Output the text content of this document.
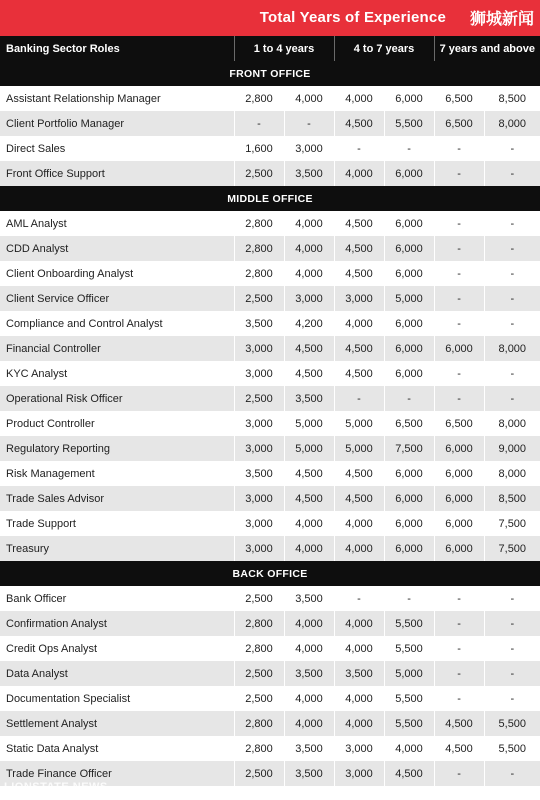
Total Years of Experience 狮城新闻
Banking Sector Roles	1 to 4 years		4 to 7 years		7 years and above	
FRONT OFFICE						
Assistant Relationship Manager	2,800	4,000	4,000	6,000	6,500	8,500
Client Portfolio Manager	-	-	4,500	5,500	6,500	8,000
Direct Sales	1,600	3,000	-	-	-	-
Front Office Support	2,500	3,500	4,000	6,000	-	-
MIDDLE OFFICE						
AML Analyst	2,800	4,000	4,500	6,000	-	-
CDD Analyst	2,800	4,000	4,500	6,000	-	-
Client Onboarding Analyst	2,800	4,000	4,500	6,000	-	-
Client Service Officer	2,500	3,000	3,000	5,000	-	-
Compliance and Control Analyst	3,500	4,200	4,000	6,000	-	-
Financial Controller	3,000	4,500	4,500	6,000	6,000	8,000
KYC Analyst	3,000	4,500	4,500	6,000	-	-
Operational Risk Officer	2,500	3,500	-	-	-	-
Product Controller	3,000	5,000	5,000	6,500	6,500	8,000
Regulatory Reporting	3,000	5,000	5,000	7,500	6,000	9,000
Risk Management	3,500	4,500	4,500	6,000	6,000	8,000
Trade Sales Advisor	3,000	4,500	4,500	6,000	6,000	8,500
Trade Support	3,000	4,000	4,000	6,000	6,000	7,500
Treasury	3,000	4,000	4,000	6,000	6,000	7,500
BACK OFFICE						
Bank Officer	2,500	3,500	-	-	-	-
Confirmation Analyst	2,800	4,000	4,000	5,500	-	-
Credit Ops Analyst	2,800	4,000	4,000	5,500	-	-
Data Analyst	2,500	3,500	3,500	5,000	-	-
Documentation Specialist	2,500	4,000	4,000	5,500	-	-
Settlement Analyst	2,800	4,000	4,000	5,500	4,500	5,500
Static Data Analyst	2,800	3,500	3,000	4,000	4,500	5,500
Trade Finance Officer	2,500	3,500	3,000	4,500	-	-
LIONSTATE NEWS
